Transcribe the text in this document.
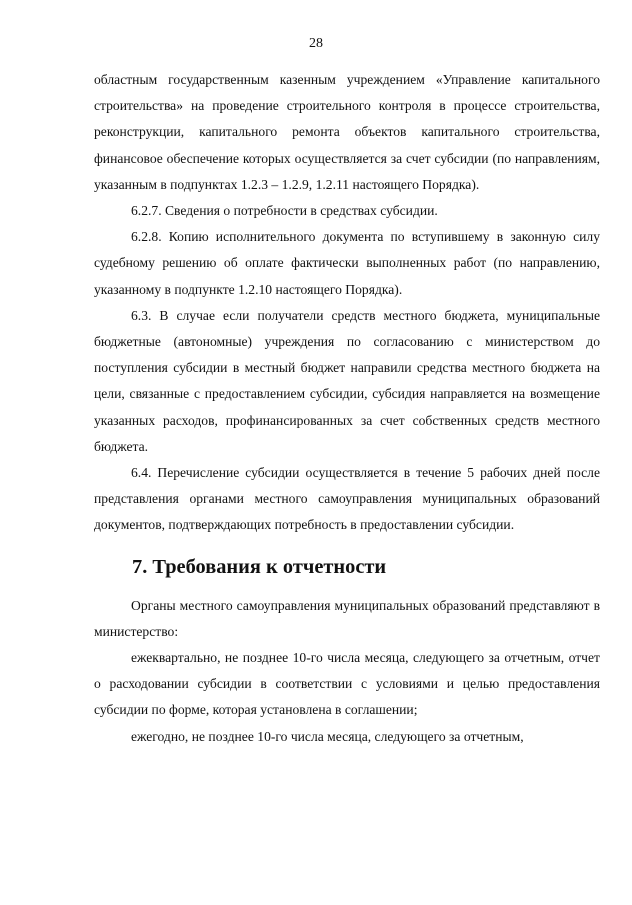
28

областным государственным казенным учреждением «Управление капитального строительства» на проведение строительного контроля в процессе строительства, реконструкции, капитального ремонта объектов капитального строительства, финансовое обеспечение которых осуществляется за счет субсидии (по направлениям, указанным в подпунктах 1.2.3 – 1.2.9, 1.2.11 настоящего Порядка).

6.2.7. Сведения о потребности в средствах субсидии.

6.2.8. Копию исполнительного документа по вступившему в законную силу судебному решению об оплате фактически выполненных работ (по направлению, указанному в подпункте 1.2.10 настоящего Порядка).

6.3. В случае если получатели средств местного бюджета, муниципальные бюджетные (автономные) учреждения по согласованию с министерством до поступления субсидии в местный бюджет направили средства местного бюджета на цели, связанные с предоставлением субсидии, субсидия направляется на возмещение указанных расходов, профинансированных за счет собственных средств местного бюджета.

6.4. Перечисление субсидии осуществляется в течение 5 рабочих дней после представления органами местного самоуправления муниципальных образований документов, подтверждающих потребность в предоставлении субсидии.

7. Требования к отчетности

Органы местного самоуправления муниципальных образований представляют в министерство:

ежеквартально, не позднее 10-го числа месяца, следующего за отчетным, отчет о расходовании субсидии в соответствии с условиями и целью предоставления субсидии по форме, которая установлена в соглашении;

ежегодно, не позднее 10-го числа месяца, следующего за отчетным,
